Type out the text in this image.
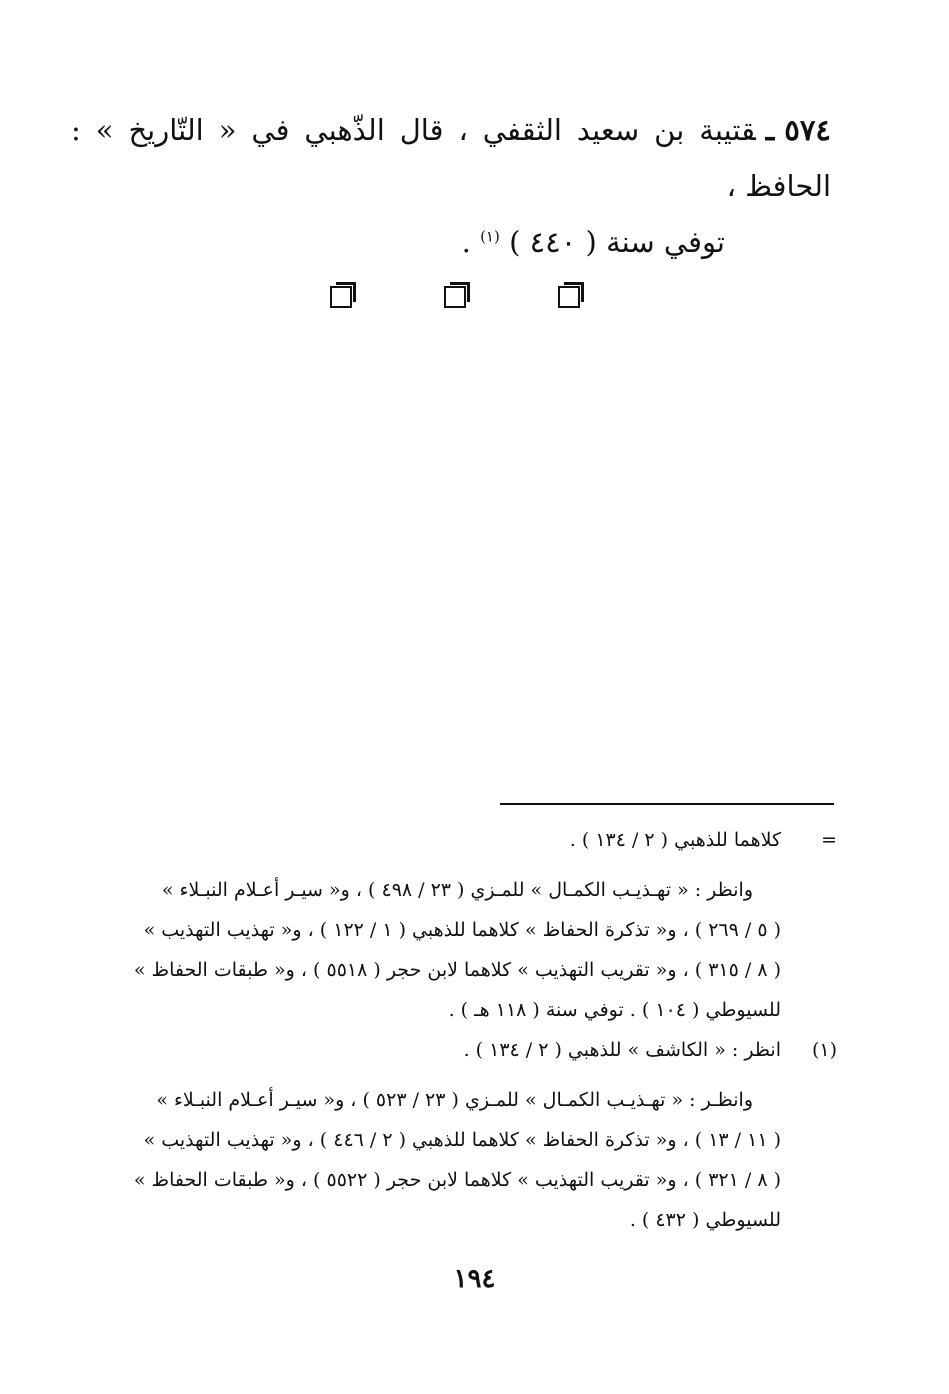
٥٧٤ـقتيبة بن سعيد الثقفي ، قال الذّهبي في « التّاريخ » : الحافظ ،
توفي سنة ( ٤٤٠ ) $^{(١)}$ .
=
كلاهما للذهبي ( ٢ / ١٣٤ ) .
وانظر : « تهـذيـب الكمـال » للمـزي ( ٢٣ / ٤٩٨ ) ، و« سيـر أعـلام النبـلاء »
( ٥ / ٢٦٩ ) ، و« تذكرة الحفاظ » كلاهما للذهبي ( ١ / ١٢٢ ) ، و« تهذيب التهذيب »
( ٨ / ٣١٥ ) ، و« تقريب التهذيب » كلاهما لابن حجر ( ٥٥١٨ ) ، و« طبقات الحفاظ »
للسيوطي ( ١٠٤ ) . توفي سنة ( ١١٨ هـ ) .
(١)
انظر : « الكاشف » للذهبي ( ٢ / ١٣٤ ) .
وانظـر : « تهـذيـب الكمـال » للمـزي ( ٢٣ / ٥٢٣ ) ، و« سيـر أعـلام النبـلاء »
( ١١ / ١٣ ) ، و« تذكرة الحفاظ » كلاهما للذهبي ( ٢ / ٤٤٦ ) ، و« تهذيب التهذيب »
( ٨ / ٣٢١ ) ، و« تقريب التهذيب » كلاهما لابن حجر ( ٥٥٢٢ ) ، و« طبقات الحفاظ »
للسيوطي ( ٤٣٢ ) .
١٩٤
